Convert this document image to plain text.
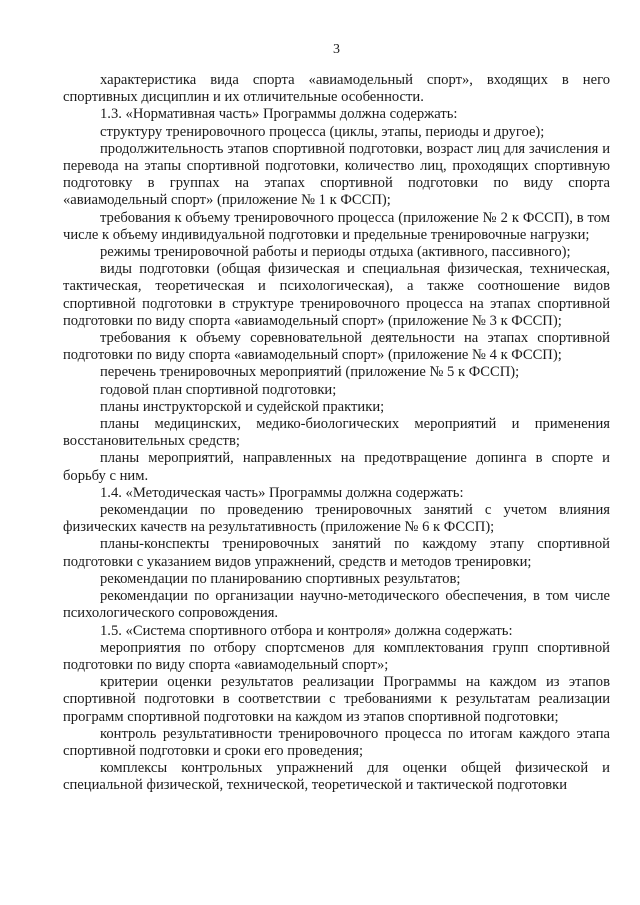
3

характеристика вида спорта «авиамодельный спорт», входящих в него спортивных дисциплин и их отличительные особенности.

1.3. «Нормативная часть» Программы должна содержать:

структуру тренировочного процесса (циклы, этапы, периоды и другое);

продолжительность этапов спортивной подготовки, возраст лиц для зачисления и перевода на этапы спортивной подготовки, количество лиц, проходящих спортивную подготовку в группах на этапах спортивной подготовки по виду спорта «авиамодельный спорт» (приложение № 1 к ФССП);

требования к объему тренировочного процесса (приложение № 2 к ФССП), в том числе к объему индивидуальной подготовки и предельные тренировочные нагрузки;

режимы тренировочной работы и периоды отдыха (активного, пассивного);

виды подготовки (общая физическая и специальная физическая, техническая, тактическая, теоретическая и психологическая), а также соотношение видов спортивной подготовки в структуре тренировочного процесса на этапах спортивной подготовки по виду спорта «авиамодельный спорт» (приложение № 3 к ФССП);

требования к объему соревновательной деятельности на этапах спортивной подготовки по виду спорта «авиамодельный спорт» (приложение № 4 к ФССП);

перечень тренировочных мероприятий (приложение № 5 к ФССП);

годовой план спортивной подготовки;

планы инструкторской и судейской практики;

планы медицинских, медико-биологических мероприятий и применения восстановительных средств;

планы мероприятий, направленных на предотвращение допинга в спорте и борьбу с ним.

1.4. «Методическая часть» Программы должна содержать:

рекомендации по проведению тренировочных занятий с учетом влияния физических качеств на результативность (приложение № 6 к ФССП);

планы-конспекты тренировочных занятий по каждому этапу спортивной подготовки с указанием видов упражнений, средств и методов тренировки;

рекомендации по планированию спортивных результатов;

рекомендации по организации научно-методического обеспечения, в том числе психологического сопровождения.

1.5. «Система спортивного отбора и контроля» должна содержать:

мероприятия по отбору спортсменов для комплектования групп спортивной подготовки по виду спорта «авиамодельный спорт»;

критерии оценки результатов реализации Программы на каждом из этапов спортивной подготовки в соответствии с требованиями к результатам реализации программ спортивной подготовки на каждом из этапов спортивной подготовки;

контроль результативности тренировочного процесса по итогам каждого этапа спортивной подготовки и сроки его проведения;

комплексы контрольных упражнений для оценки общей физической и специальной физической, технической, теоретической и тактической подготовки
